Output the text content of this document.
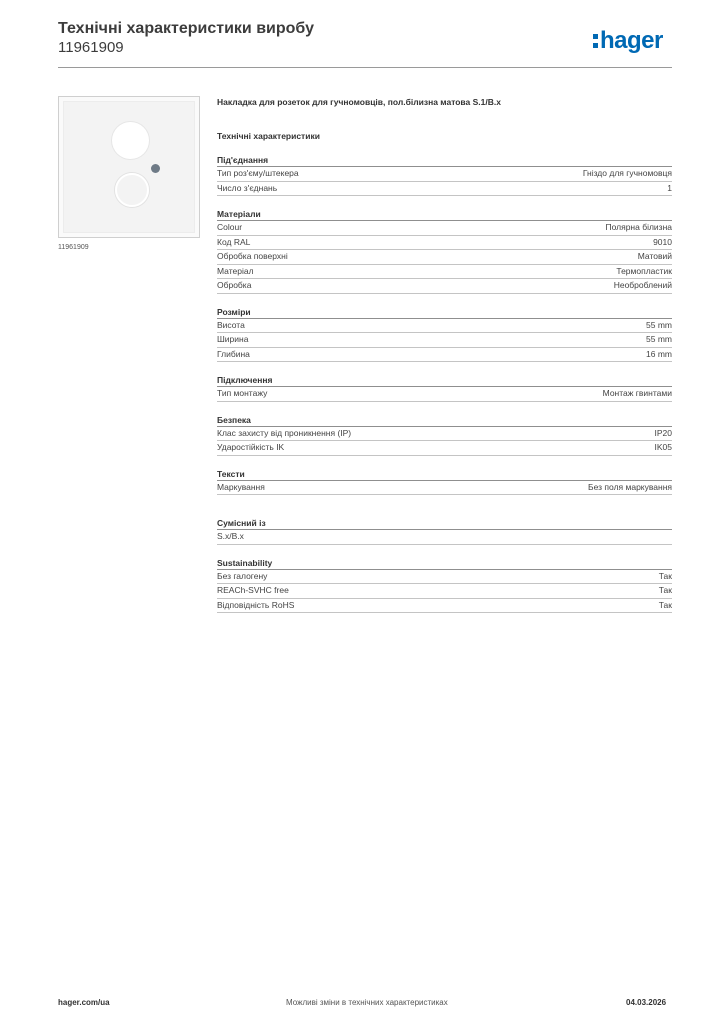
Технічні характеристики виробу
11961909	hager
11961909
Накладка для розеток для гучномовців, пол.білизна матова S.1/B.x
Технічні характеристики
Під'єднання
Тип роз'єму/штекера	Гніздо для гучномовця
Число з'єднань	1
Матеріали
Colour	Полярна білизна
Код RAL	9010
Обробка поверхні	Матовий
Матеріал	Термопластик
Обробка	Необроблений
Розміри
Висота	55 mm
Ширина	55 mm
Глибина	16 mm
Підключення
Тип монтажу	Монтаж гвинтами
Безпека
Клас захисту від проникнення (IP)	IP20
Ударостійкість IK	IK05
Тексти
Маркування	Без поля маркування
Сумісний із
S.x/B.x
Sustainability
Без галогену	Так
REACh-SVHC free	Так
Відповідність RoHS	Так
hager.com/ua	Можливі зміни в технічних характеристиках	04.03.2026
